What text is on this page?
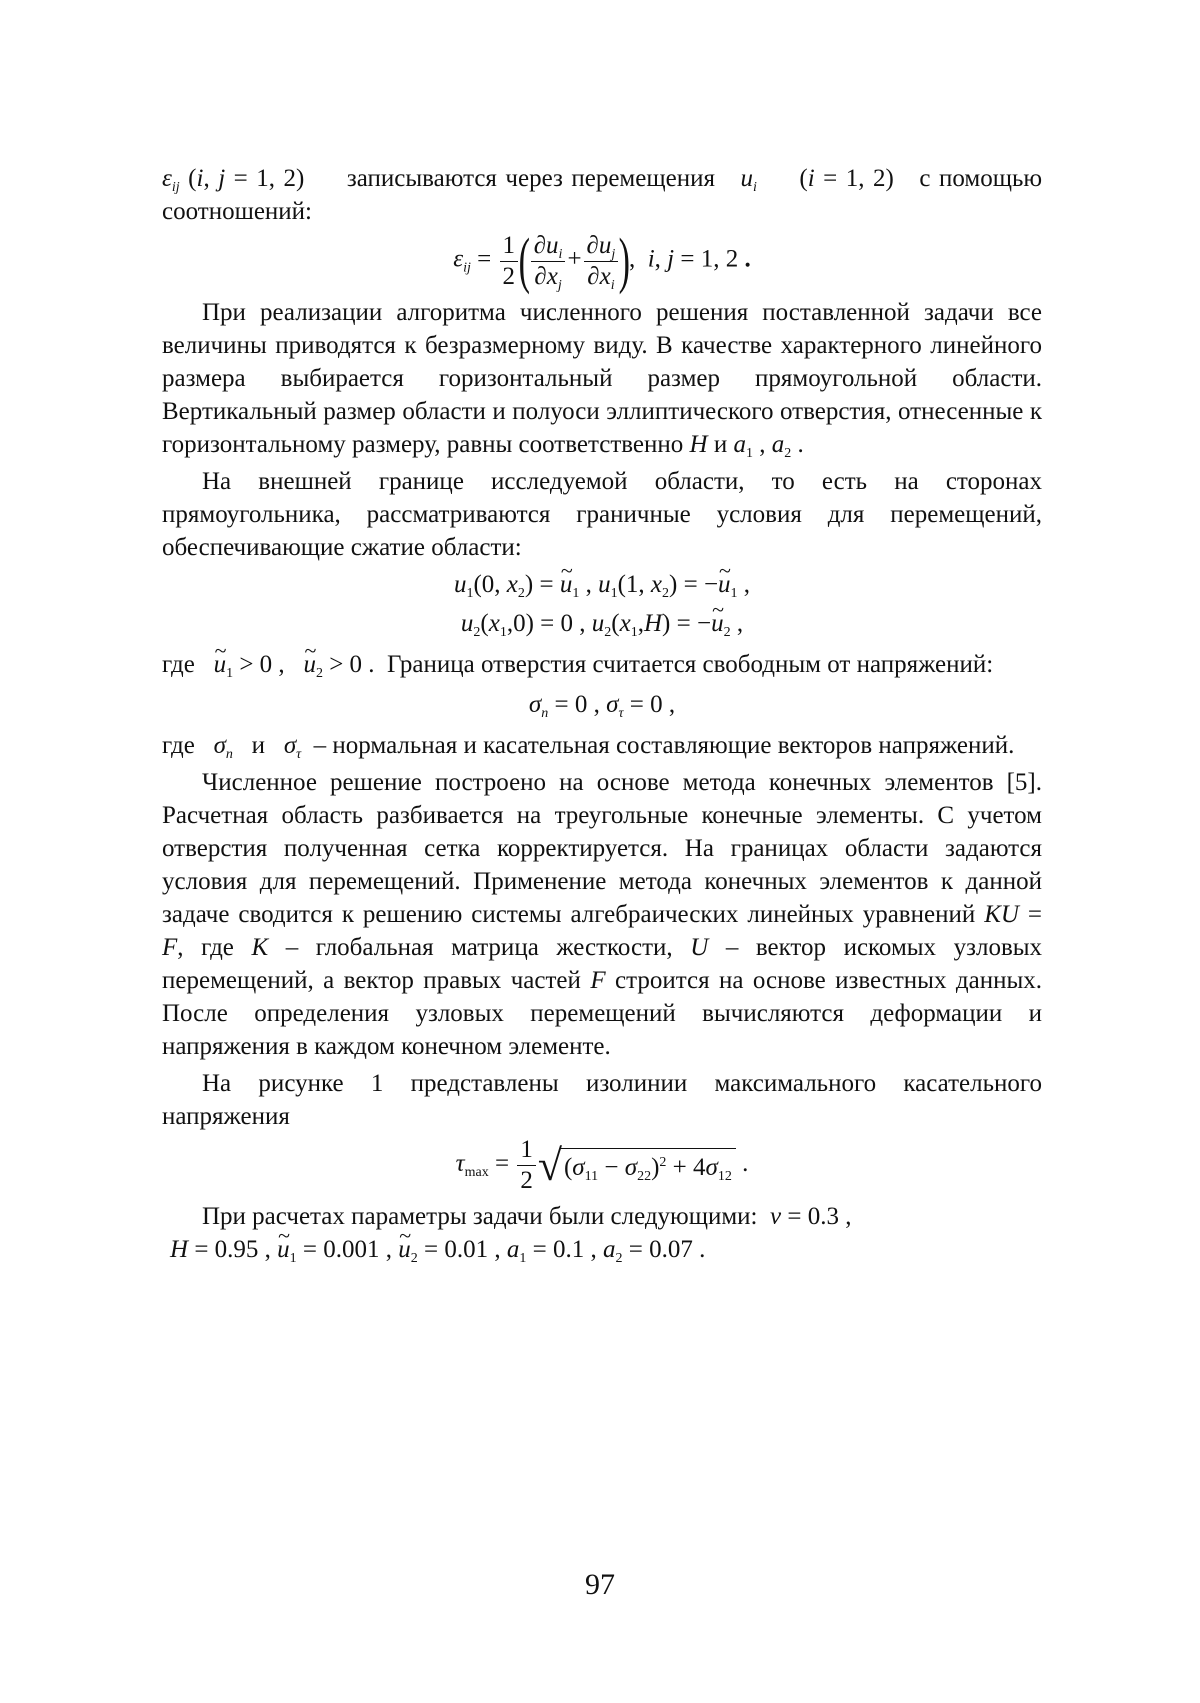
$\varepsilon_{ij}$ (i, j = 1, 2) записываются через перемещения $u_i$     (i = 1, 2)   с помощью соотношений:

$\varepsilon_{ij} = \frac{1}{2}$ ( $\frac{\partial u_i}{\partial x_j} + \frac{\partial u_j}{\partial x_i}$ ),  i, j = 1, 2 .

При реализации алгоритма численного решения поставленной задачи все величины приводятся к безразмерному виду. В качестве характерного линейного размера выбирается горизонтальный размер прямоугольной области. Вертикальный размер области и полуоси эллиптического отверстия, отнесенные к горизонтальному размеру, равны соответственно H и $a_1$ , $a_2$ .

На внешней границе исследуемой области, то есть на сторонах прямоугольника, рассматриваются граничные условия для перемещений, обеспечивающие сжатие области:

$u_1(0$, $x_2$) = ~ $u_1$ , $u_1(1$, $x_2$) = −~ $u_1$ ,
$u_2(x_1,0) = 0$ , $u_2(x_1,H)$ = −~ $u_2$ ,

где   ~ $u_1 > 0$ ,   ~ $u_2 > 0$ .  Граница отверстия считается свободным от напряжений:

$\sigma_n = 0$ , $\sigma_\tau = 0$ ,

где   $\sigma_n$   и   $\sigma_\tau$ – нормальная и касательная составляющие векторов напряжений.

Численное решение построено на основе метода конечных элементов [5]. Расчетная область разбивается на треугольные конечные элементы. С учетом отверстия полученная сетка корректируется. На границах области задаются условия для перемещений. Применение метода конечных элементов к данной задаче сводится к решению системы алгебраических линейных уравнений KU = F, где K – глобальная матрица жесткости, U – вектор искомых узловых перемещений, а вектор правых частей F строится на основе известных данных. После определения узловых перемещений вычисляются деформации и напряжения в каждом конечном элементе.

На рисунке 1 представлены изолинии максимального касательного напряжения

$\tau_{max} = \frac{1}{2} √(\sigma_{11} - \sigma_{22})^2 + 4\sigma_{12}$ .

При расчетах параметры задачи были следующими: ν = 0.3 ,

H = 0.95 , ~ $u_1 = 0.001$ , ~ $u_2 = 0.01$ , $a_1 = 0.1$ , $a_2 = 0.07$ .

97
